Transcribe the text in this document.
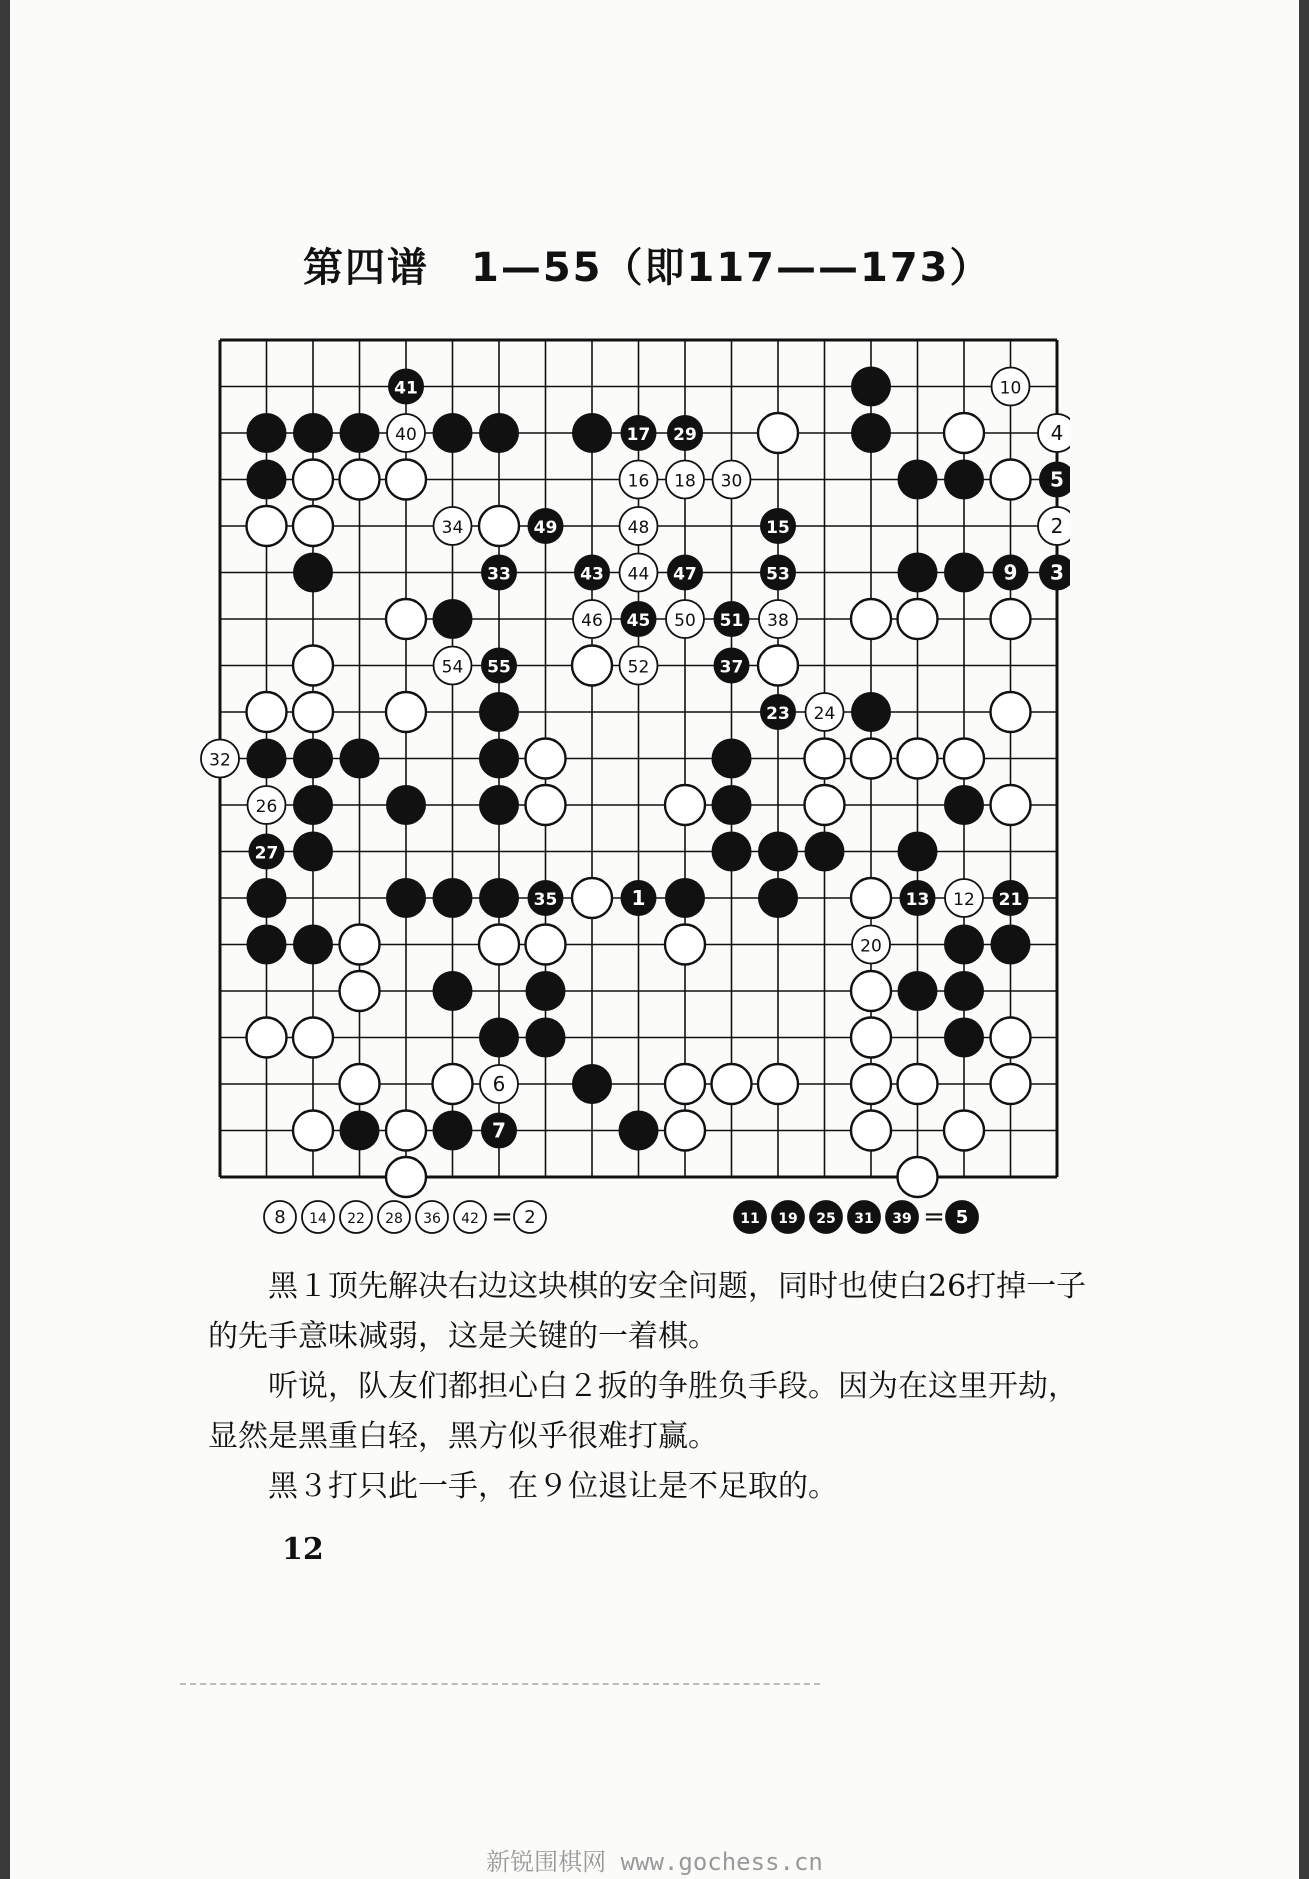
第四谱　1—55（即117——173）
10
40	4
16 18 30
34	48	2
44
46	50	38
54	52
24
32
26
12
20
6
41
17 29
5
49	15
33	43	47	53	9 3
45	51
55	37
23
27
35	1	13	21
7
8 14 22 28 36 42 = 2	11 19 25 31 39 = 5

　　黑１顶先解决右边这块棋的安全问题，同时也使白26打掉一子的先手意味减弱，这是关键的一着棋。

　　听说，队友们都担心白２扳的争胜负手段。因为在这里开劫，显然是黑重白轻，黑方似乎很难打赢。

　　黑３打只此一手，在９位退让是不足取的。

12
新锐围棋网 www.gochess.cn
